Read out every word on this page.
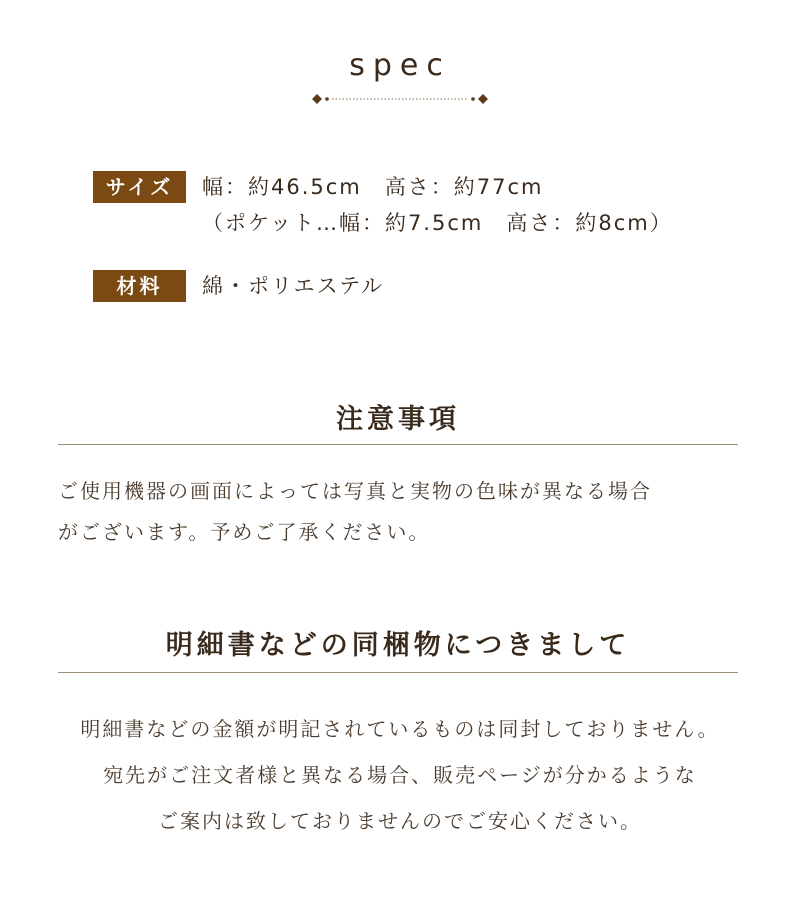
spec
サイズ	幅：約46.5cm　高さ：約77cm
（ポケット…幅：約7.5cm　高さ：約8cm）
材料	綿・ポリエステル
注意事項
ご使用機器の画面によっては写真と実物の色味が異なる場合
がございます。予めご了承ください。
明細書などの同梱物につきまして
明細書などの金額が明記されているものは同封しておりません。
宛先がご注文者様と異なる場合、販売ページが分かるような
ご案内は致しておりませんのでご安心ください。
